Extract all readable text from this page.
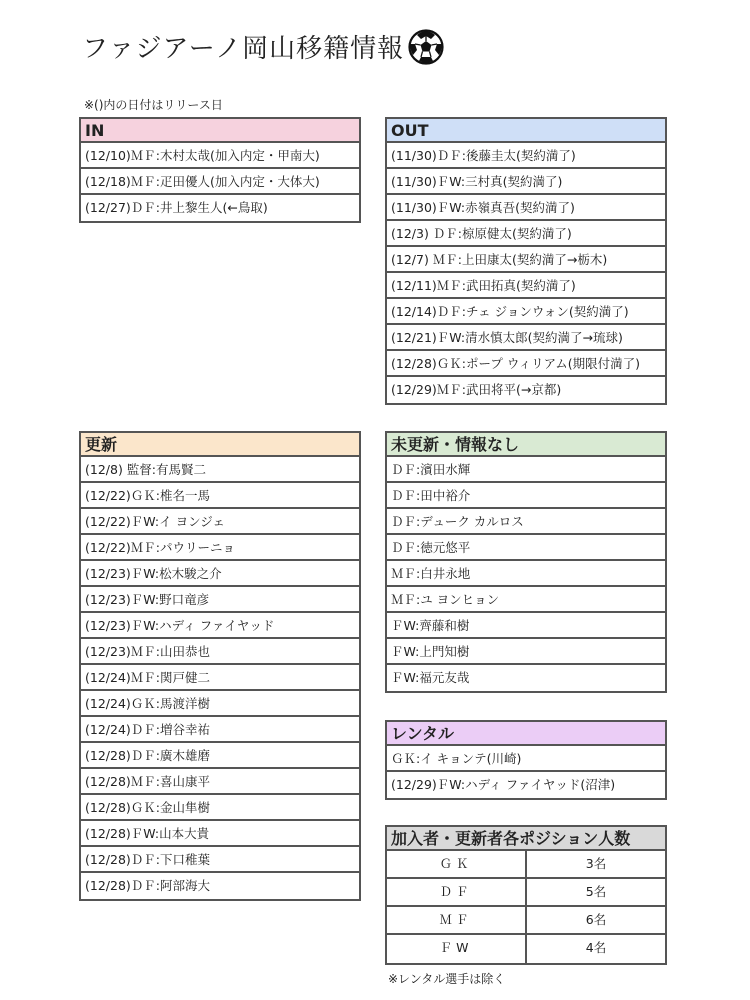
ファジアーノ岡山移籍情報
※()内の日付はリリース日
IN
(12/10)ＭＦ:木村太哉(加入内定・甲南大)
(12/18)ＭＦ:疋田優人(加入内定・大体大)
(12/27)ＤＦ:井上黎生人(←鳥取)
OUT
(11/30)ＤＦ:後藤圭太(契約満了)
(11/30)ＦW:三村真(契約満了)
(11/30)ＦW:赤嶺真吾(契約満了)
(12/3) ＤＦ:椋原健太(契約満了)
(12/7) ＭＦ:上田康太(契約満了→栃木)
(12/11)ＭＦ:武田拓真(契約満了)
(12/14)ＤＦ:チェ ジョンウォン(契約満了)
(12/21)ＦW:清水慎太郎(契約満了→琉球)
(12/28)ＧＫ:ポープ ウィリアム(期限付満了)
(12/29)ＭＦ:武田将平(→京都)
更新
(12/8) 監督:有馬賢二
(12/22)ＧＫ:椎名一馬
(12/22)ＦW:イ ヨンジェ
(12/22)ＭＦ:パウリーニョ
(12/23)ＦW:松木駿之介
(12/23)ＦW:野口竜彦
(12/23)ＦW:ハディ ファイヤッド
(12/23)ＭＦ:山田恭也
(12/24)ＭＦ:関戸健二
(12/24)ＧＫ:馬渡洋樹
(12/24)ＤＦ:増谷幸祐
(12/28)ＤＦ:廣木雄磨
(12/28)ＭＦ:喜山康平
(12/28)ＧＫ:金山隼樹
(12/28)ＦW:山本大貴
(12/28)ＤＦ:下口稚葉
(12/28)ＤＦ:阿部海大
未更新・情報なし
ＤＦ:濱田水輝
ＤＦ:田中裕介
ＤＦ:デューク カルロス
ＤＦ:徳元悠平
ＭＦ:白井永地
ＭＦ:ユ ヨンヒョン
ＦW:齊藤和樹
ＦW:上門知樹
ＦW:福元友哉
レンタル
ＧＫ:イ キョンテ(川崎)
(12/29)ＦW:ハディ ファイヤッド(沼津)
加入者・更新者各ポジション人数
ＧＫ	3名
ＤＦ	5名
ＭＦ	6名
ＦW	4名
※レンタル選手は除く
